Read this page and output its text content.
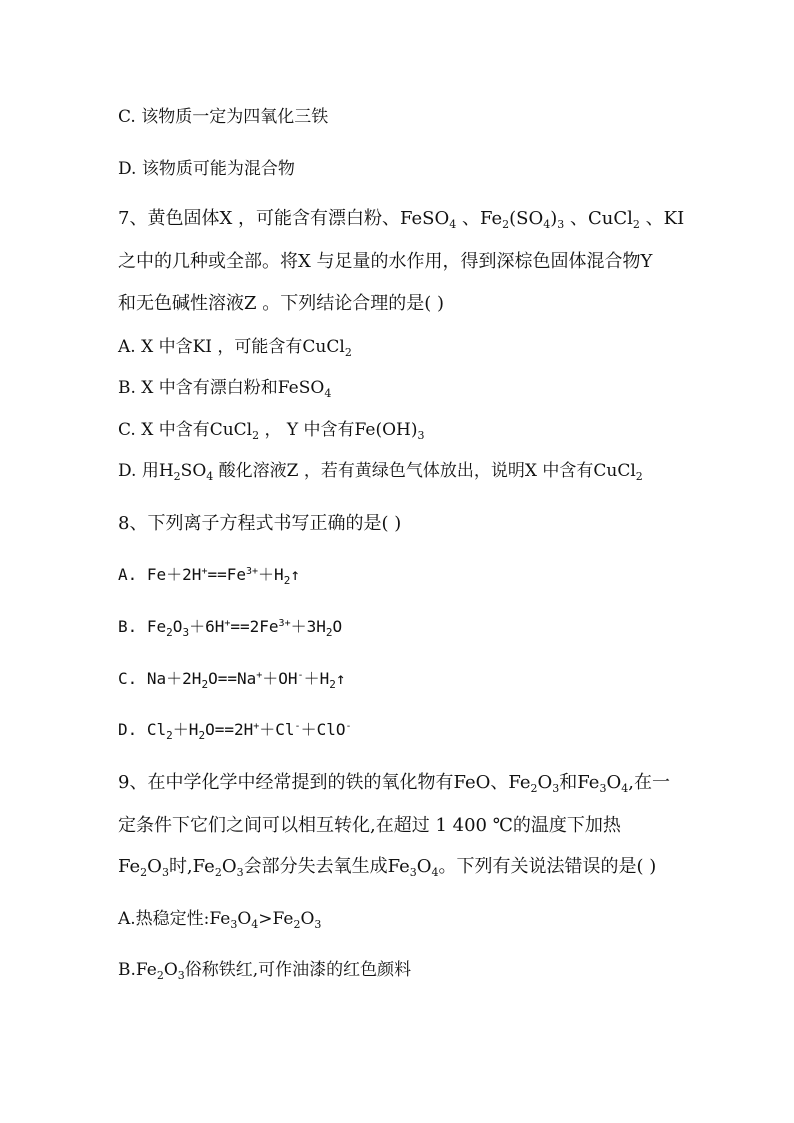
C. 该物质一定为四氧化三铁
D. 该物质可能为混合物
7、黄色固体X ，可能含有漂白粉、FeSO$_4$ 、$Fe_2(SO_4)_3$ 、CuCl$_2$ 、KI
之中的几种或全部。将X 与足量的水作用，得到深棕色固体混合物Y
和无色碱性溶液Z 。下列结论合理的是( )
A. X 中含KI ，可能含有CuCl$_2$
B. X 中含有漂白粉和FeSO$_4$
C. X 中含有CuCl$_2$ ， Y 中含有$Fe(OH)_3$
D. 用$H_2SO_4$ 酸化溶液Z ，若有黄绿色气体放出，说明X 中含有CuCl$_2$
8、下列离子方程式书写正确的是( )
A. $Fe+2H^+==Fe^{3+}+H_2↑$
B. $Fe_2O_3+6H^+==2Fe^{3+}+3H_2O$
C. $Na+2H_2O==Na^++OH^-+H_2↑$
D. $Cl_2+H_2O==2H^++Cl^-+ClO^-$
9、在中学化学中经常提到的铁的氧化物有FeO、$Fe_2O_3$和$Fe_3O_4$,在一
定条件下它们之间可以相互转化,在超过 1 400 ℃的温度下加热
$Fe_2O_3$时$,Fe_2O_3$会部分失去氧生成$Fe_3O_4$。下列有关说法错误的是( )
A.热稳定性$:Fe_3O_4>Fe_2O_3$
$B.Fe_2O_3$俗称铁红,可作油漆的红色颜料
